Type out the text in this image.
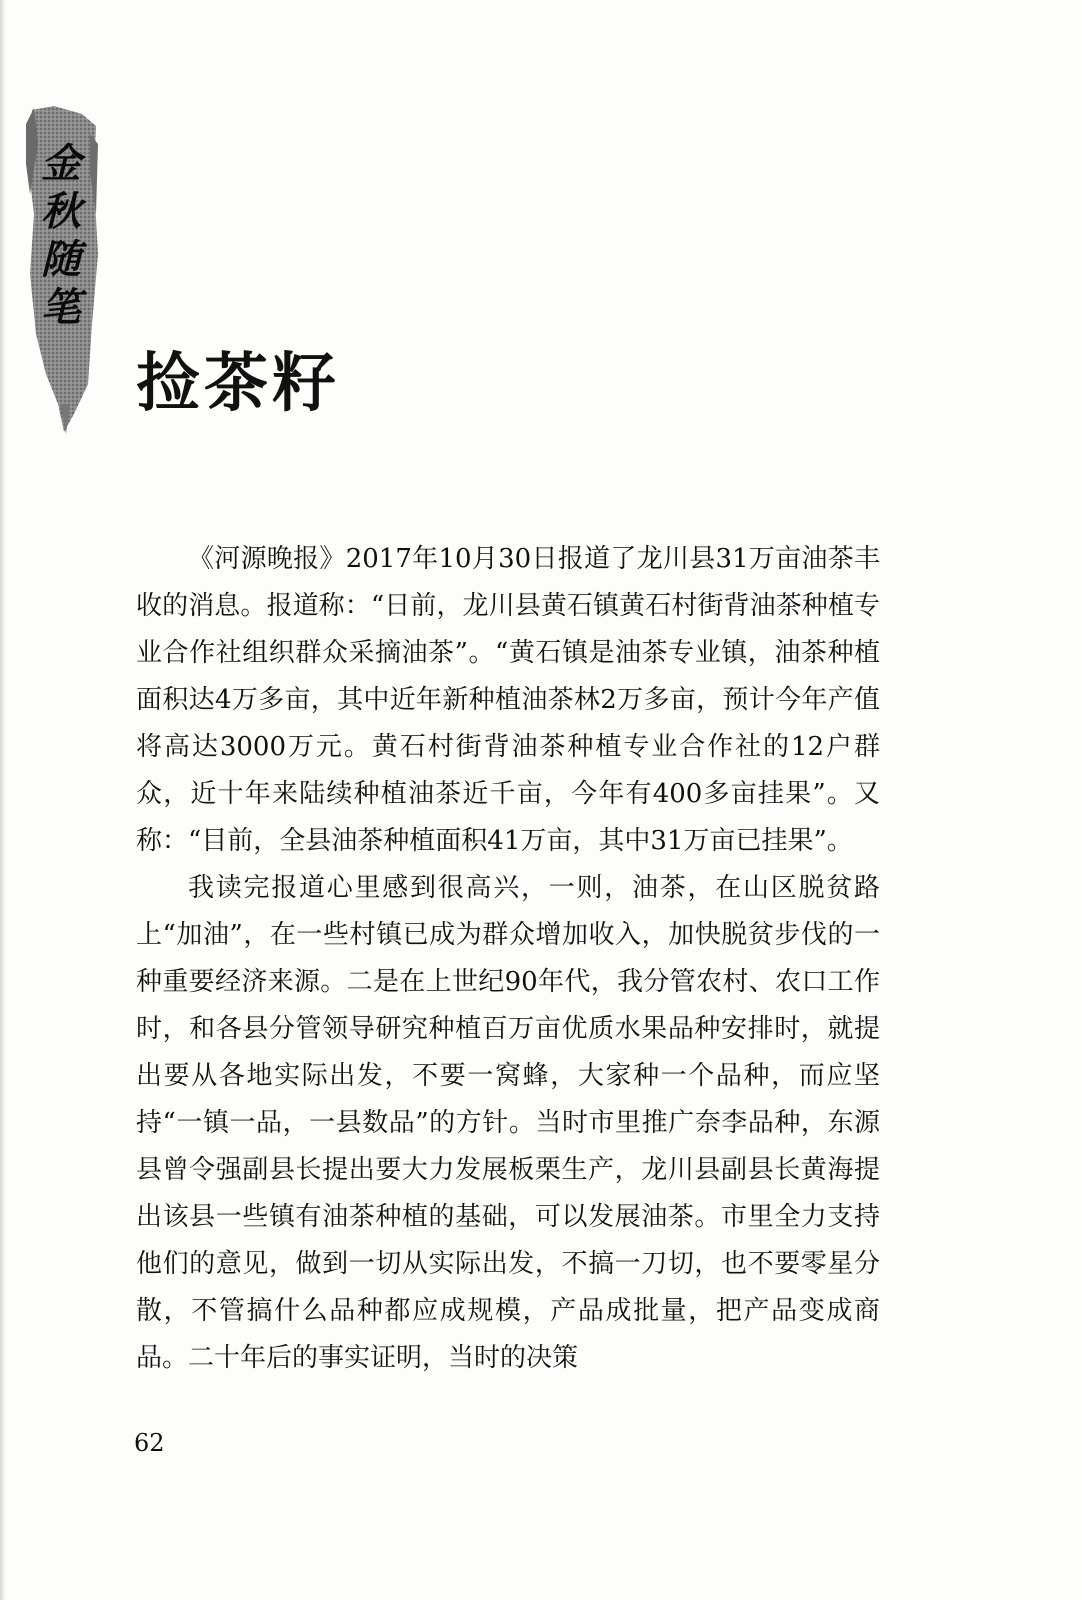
金
秋
随
笔
捡茶籽

《河源晚报》2017年10月30日报道了龙川县31万亩油茶丰收的消息。报道称：“日前，龙川县黄石镇黄石村街背油茶种植专业合作社组织群众采摘油茶”。“黄石镇是油茶专业镇，油茶种植面积达4万多亩，其中近年新种植油茶林2万多亩，预计今年产值将高达3000万元。黄石村街背油茶种植专业合作社的12户群众，近十年来陆续种植油茶近千亩，今年有400多亩挂果”。又称：“目前，全县油茶种植面积41万亩，其中31万亩已挂果”。

我读完报道心里感到很高兴，一则，油茶，在山区脱贫路上“加油”，在一些村镇已成为群众增加收入，加快脱贫步伐的一种重要经济来源。二是在上世纪90年代，我分管农村、农口工作时，和各县分管领导研究种植百万亩优质水果品种安排时，就提出要从各地实际出发，不要一窝蜂，大家种一个品种，而应坚持“一镇一品，一县数品”的方针。当时市里推广奈李品种，东源县曾令强副县长提出要大力发展板栗生产，龙川县副县长黄海提出该县一些镇有油茶种植的基础，可以发展油茶。市里全力支持他们的意见，做到一切从实际出发，不搞一刀切，也不要零星分散，不管搞什么品种都应成规模，产品成批量，把产品变成商品。二十年后的事实证明，当时的决策

62
